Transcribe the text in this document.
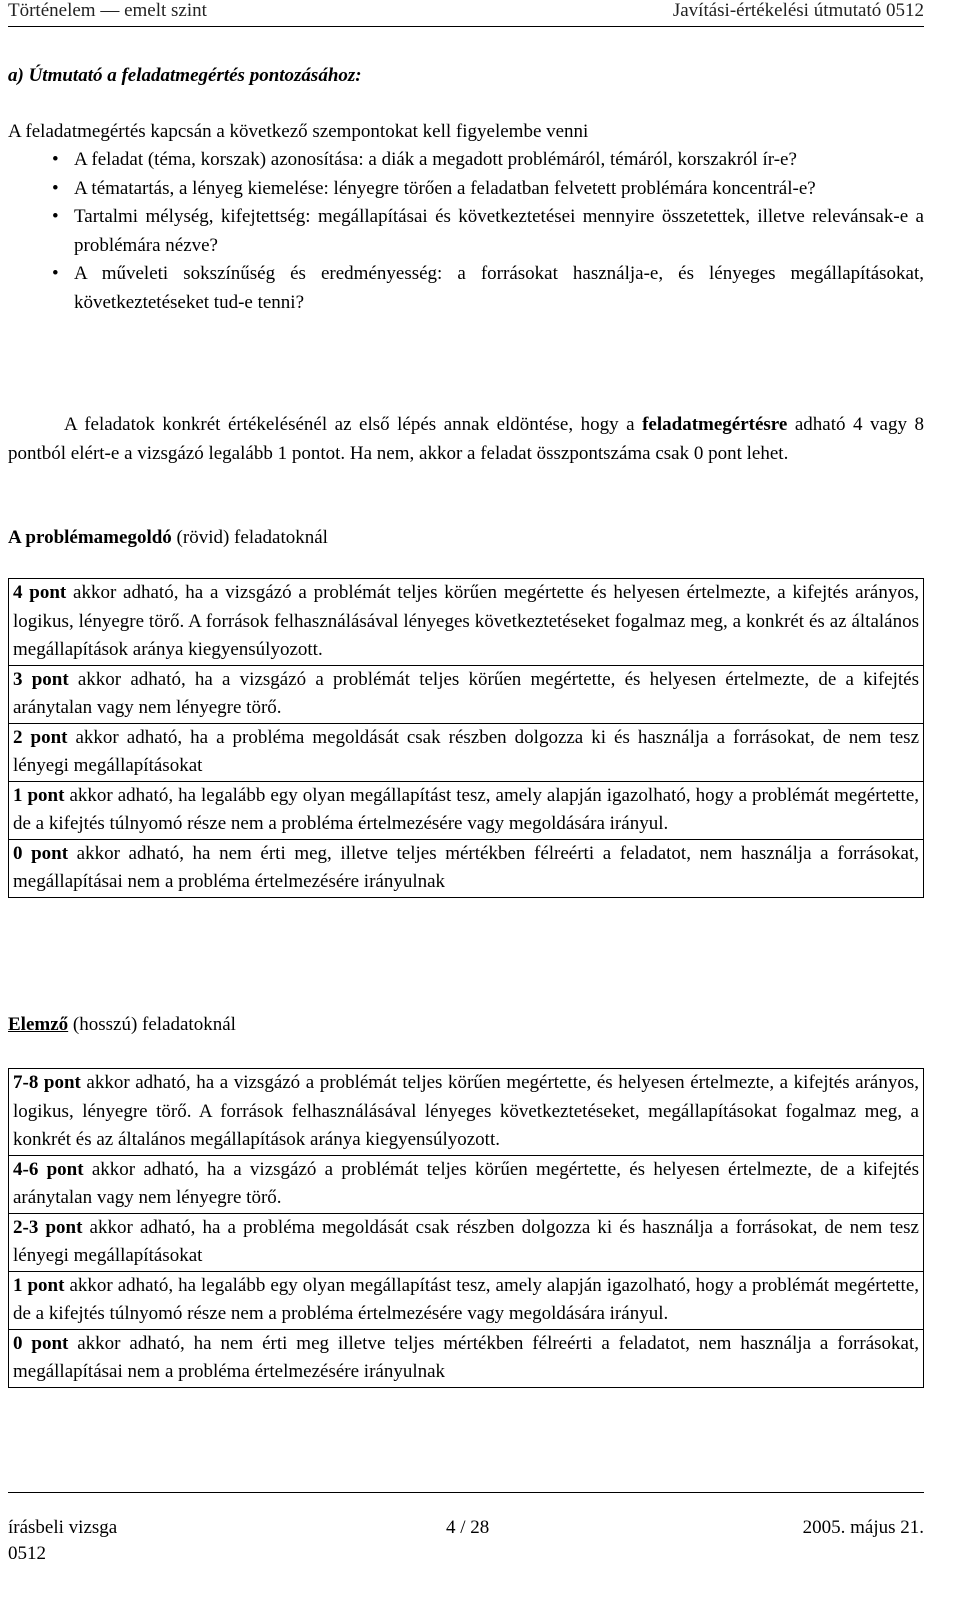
Történelem — emelt szint	Javítási-értékelési útmutató 0512
a) Útmutató a feladatmegértés pontozásához:
A feladatmegértés kapcsán a következő szempontokat kell figyelembe venni
• A feladat (téma, korszak) azonosítása: a diák a megadott problémáról, témáról, korszakról ír-e?
• A tématartás, a lényeg kiemelése: lényegre törően a feladatban felvetett problémára koncentrál-e?
• Tartalmi mélység, kifejtettség: megállapításai és következtetései mennyire összetettek, illetve relevánsak-e a problémára nézve?
• A műveleti sokszínűség és eredményesség: a forrásokat használja-e, és lényeges megállapításokat, következtetéseket tud-e tenni?
A feladatok konkrét értékelésénél az első lépés annak eldöntése, hogy a feladatmegértésre adható 4 vagy 8 pontból elért-e a vizsgázó legalább 1 pontot. Ha nem, akkor a feladat összpontszáma csak 0 pont lehet.
A problémamegoldó (rövid) feladatoknál
4 pont akkor adható, ha a vizsgázó a problémát teljes körűen megértette és helyesen értelmezte, a kifejtés arányos, logikus, lényegre törő. A források felhasználásával lényeges következtetéseket fogalmaz meg, a konkrét és az általános megállapítások aránya kiegyensúlyozott.
3 pont akkor adható, ha a vizsgázó a problémát teljes körűen megértette, és helyesen értelmezte, de a kifejtés aránytalan vagy nem lényegre törő.
2 pont akkor adható, ha a probléma megoldását csak részben dolgozza ki és használja a forrásokat, de nem tesz lényegi megállapításokat
1 pont akkor adható, ha legalább egy olyan megállapítást tesz, amely alapján igazolható, hogy a problémát megértette, de a kifejtés túlnyomó része nem a probléma értelmezésére vagy megoldására irányul.
0 pont akkor adható, ha nem érti meg, illetve teljes mértékben félreérti a feladatot, nem használja a forrásokat, megállapításai nem a probléma értelmezésére irányulnak
Elemző (hosszú) feladatoknál
7-8 pont akkor adható, ha a vizsgázó a problémát teljes körűen megértette, és helyesen értelmezte, a kifejtés arányos, logikus, lényegre törő. A források felhasználásával lényeges következtetéseket, megállapításokat fogalmaz meg, a konkrét és az általános megállapítások aránya kiegyensúlyozott.
4-6 pont akkor adható, ha a vizsgázó a problémát teljes körűen megértette, és helyesen értelmezte, de a kifejtés aránytalan vagy nem lényegre törő.
2-3 pont akkor adható, ha a probléma megoldását csak részben dolgozza ki és használja a forrásokat, de nem tesz lényegi megállapításokat
1 pont akkor adható, ha legalább egy olyan megállapítást tesz, amely alapján igazolható, hogy a problémát megértette, de a kifejtés túlnyomó része nem a probléma értelmezésére vagy megoldására irányul.
0 pont akkor adható, ha nem érti meg illetve teljes mértékben félreérti a feladatot, nem használja a forrásokat, megállapításai nem a probléma értelmezésére irányulnak
írásbeli vizsga	4 / 28	2005. május 21.
0512
